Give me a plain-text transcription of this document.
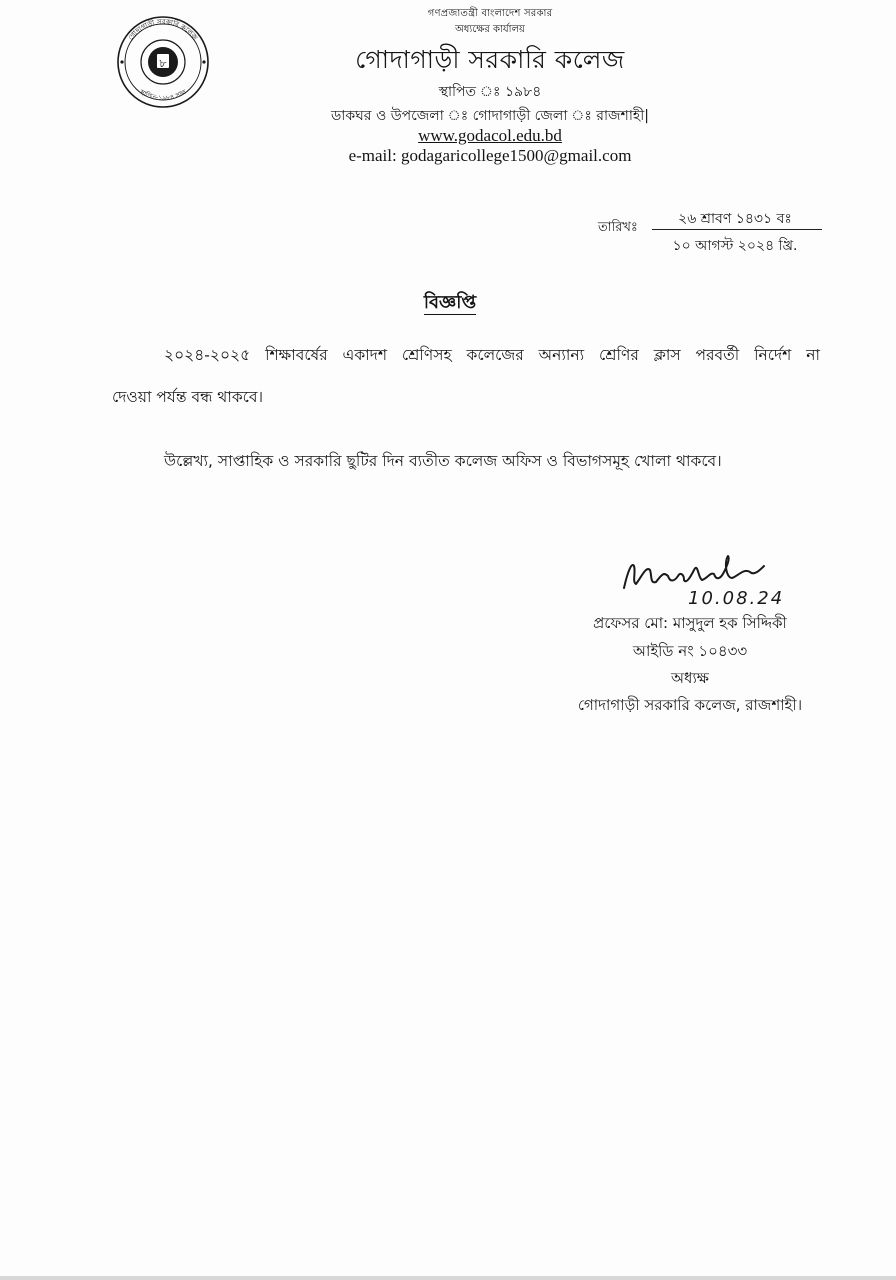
৮
গোদাগাড়ী সরকারি কলেজ
স্থাপিত-১৯৮৪ সাল
গণপ্রজাতন্ত্রী বাংলাদেশ সরকার
অধ্যক্ষের কার্যালয়
গোদাগাড়ী সরকারি কলেজ
স্থাপিত ঃ ১৯৮৪
ডাকঘর ও উপজেলা ঃ গোদাগাড়ী জেলা ঃ রাজশাহী|
www.godacol.edu.bd
e-mail: godagaricollege1500@gmail.com
তারিখঃ
২৬ শ্রাবণ ১৪৩১ বঃ
১০ আগস্ট ২০২৪ খ্রি.
বিজ্ঞপ্তি
২০২৪-২০২৫ শিক্ষাবর্ষের একাদশ শ্রেণিসহ কলেজের অন্যান্য শ্রেণির ক্লাস পরবর্তী নির্দেশ না
দেওয়া পর্যন্ত বন্ধ থাকবে।
উল্লেখ্য, সাপ্তাহিক ও সরকারি ছুটির দিন ব্যতীত কলেজ অফিস ও বিভাগসমূহ খোলা থাকবে।
10.08.24
প্রফেসর মো: মাসুদুল হক সিদ্দিকী
আইডি নং ১০৪৩৩
অধ্যক্ষ
গোদাগাড়ী সরকারি কলেজ, রাজশাহী।
